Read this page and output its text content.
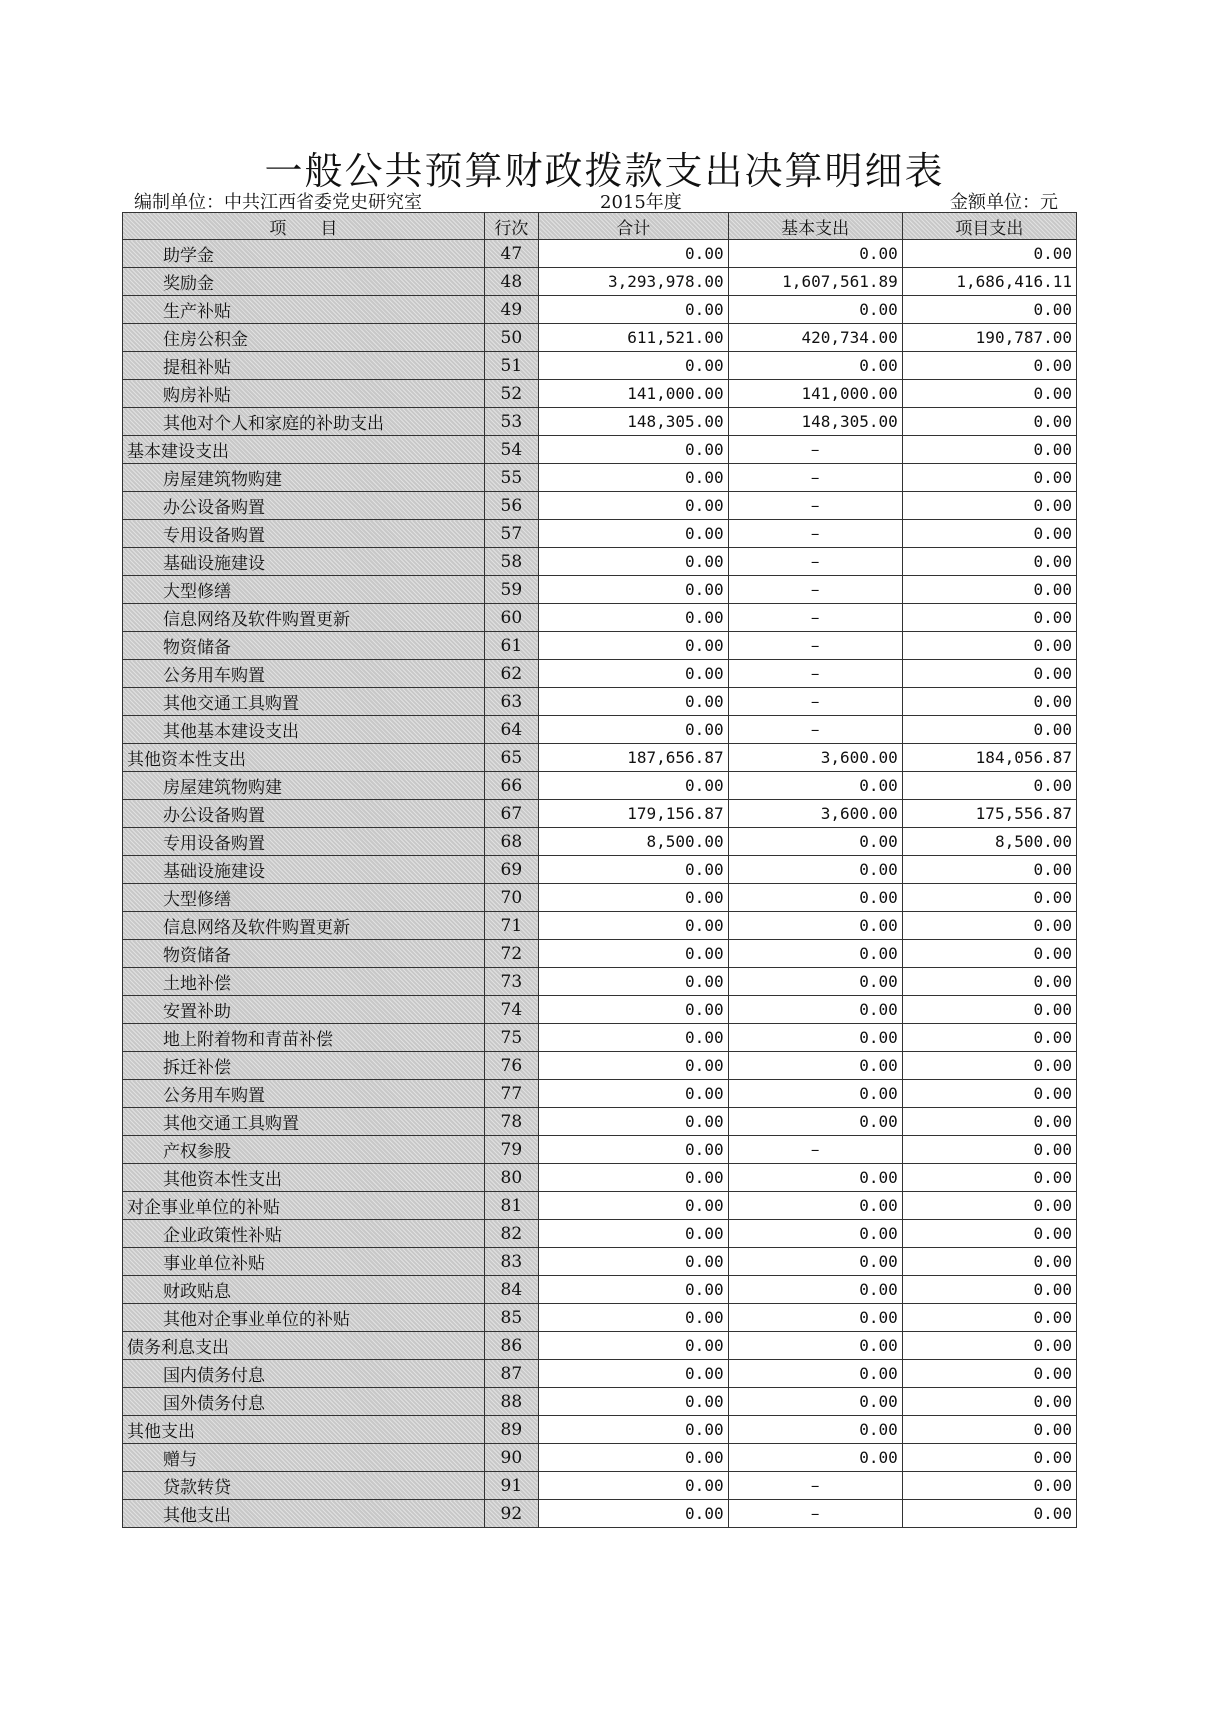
一般公共预算财政拨款支出决算明细表
编制单位：中共江西省委党史研究室	2015年度	金额单位：元
项　　目	行次	合计	基本支出	项目支出
助学金	47	0.00	0.00	0.00
奖励金	48	3,293,978.00	1,607,561.89	1,686,416.11
生产补贴	49	0.00	0.00	0.00
住房公积金	50	611,521.00	420,734.00	190,787.00
提租补贴	51	0.00	0.00	0.00
购房补贴	52	141,000.00	141,000.00	0.00
其他对个人和家庭的补助支出	53	148,305.00	148,305.00	0.00
基本建设支出	54	0.00	–	0.00
房屋建筑物购建	55	0.00	–	0.00
办公设备购置	56	0.00	–	0.00
专用设备购置	57	0.00	–	0.00
基础设施建设	58	0.00	–	0.00
大型修缮	59	0.00	–	0.00
信息网络及软件购置更新	60	0.00	–	0.00
物资储备	61	0.00	–	0.00
公务用车购置	62	0.00	–	0.00
其他交通工具购置	63	0.00	–	0.00
其他基本建设支出	64	0.00	–	0.00
其他资本性支出	65	187,656.87	3,600.00	184,056.87
房屋建筑物购建	66	0.00	0.00	0.00
办公设备购置	67	179,156.87	3,600.00	175,556.87
专用设备购置	68	8,500.00	0.00	8,500.00
基础设施建设	69	0.00	0.00	0.00
大型修缮	70	0.00	0.00	0.00
信息网络及软件购置更新	71	0.00	0.00	0.00
物资储备	72	0.00	0.00	0.00
土地补偿	73	0.00	0.00	0.00
安置补助	74	0.00	0.00	0.00
地上附着物和青苗补偿	75	0.00	0.00	0.00
拆迁补偿	76	0.00	0.00	0.00
公务用车购置	77	0.00	0.00	0.00
其他交通工具购置	78	0.00	0.00	0.00
产权参股	79	0.00	–	0.00
其他资本性支出	80	0.00	0.00	0.00
对企事业单位的补贴	81	0.00	0.00	0.00
企业政策性补贴	82	0.00	0.00	0.00
事业单位补贴	83	0.00	0.00	0.00
财政贴息	84	0.00	0.00	0.00
其他对企事业单位的补贴	85	0.00	0.00	0.00
债务利息支出	86	0.00	0.00	0.00
国内债务付息	87	0.00	0.00	0.00
国外债务付息	88	0.00	0.00	0.00
其他支出	89	0.00	0.00	0.00
赠与	90	0.00	0.00	0.00
贷款转贷	91	0.00	–	0.00
其他支出	92	0.00	–	0.00
